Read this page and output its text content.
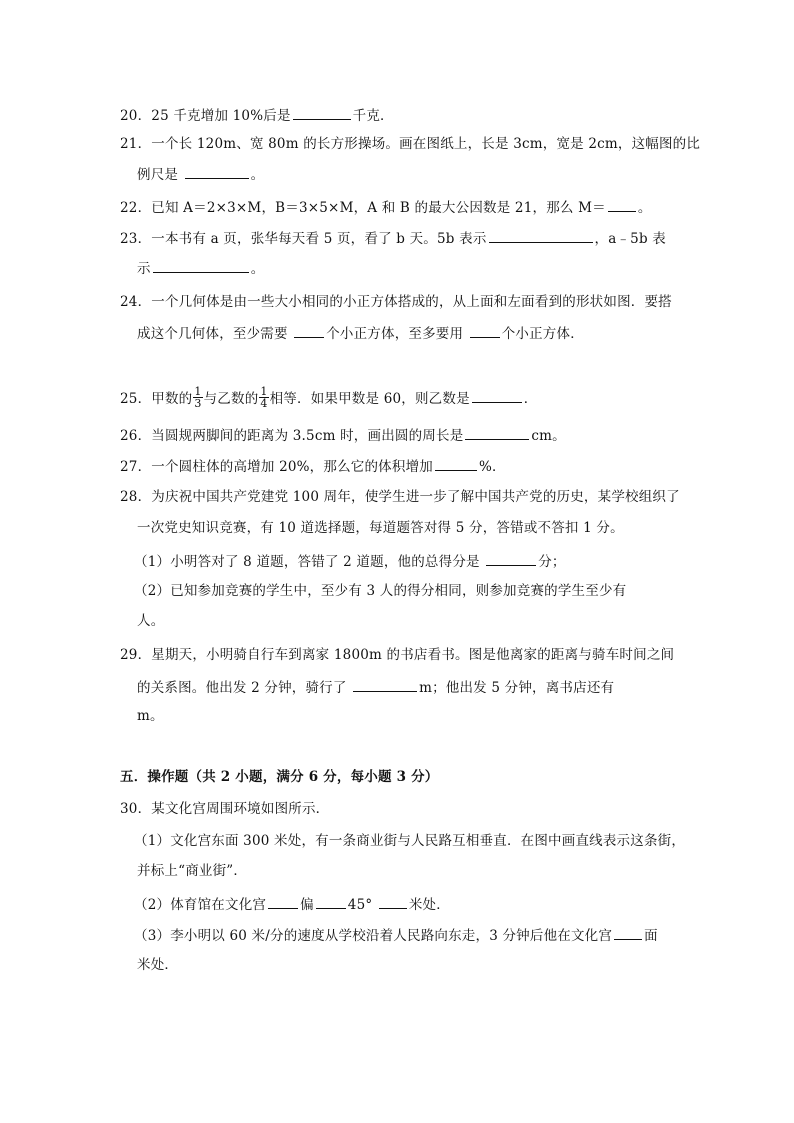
20．25 千克增加 10%后是	千克．
21．一个长 120m、宽 80m 的长方形操场。画在图纸上，长是 3cm，宽是 2cm，这幅图的比
例尺是	。
22．已知 A＝2×3×M，B＝3×5×M，A 和 B 的最大公因数是 21，那么 M＝ 。
23．一本书有 a 页，张华每天看 5 页，看了 b 天。5b 表示	，a﹣5b 表
示	。
24．一个几何体是由一些大小相同的小正方体搭成的，从上面和左面看到的形状如图．要搭
成这个几何体，至少需要	个小正方体，至多要用	个小正方体．
25．甲数的 $\frac{1}{3}$ 与乙数的 $\frac{1}{4}$ 相等．如果甲数是 60，则乙数是	．
26．当圆规两脚间的距离为 3.5cm 时，画出圆的周长是	cm。
27．一个圆柱体的高增加 20%，那么它的体积增加	%．
28．为庆祝中国共产党建党 100 周年，使学生进一步了解中国共产党的历史，某学校组织了
一次党史知识竞赛，有 10 道选择题，每道题答对得 5 分，答错或不答扣 1 分。
（1）小明答对了 8 道题，答错了 2 道题，他的总得分是	分；
（2）已知参加竞赛的学生中，至少有 3 人的得分相同，则参加竞赛的学生至少有
人。
29．星期天，小明骑自行车到离家 1800m 的书店看书。图是他离家的距离与骑车时间之间
的关系图。他出发 2 分钟，骑行了	m；他出发 5 分钟，离书店还有
m。
五．操作题（共 2 小题，满分 6 分，每小题 3 分）
30．某文化宫周围环境如图所示．
（1）文化宫东面 300 米处，有一条商业街与人民路互相垂直．在图中画直线表示这条街，
并标上“商业街”．
（2）体育馆在文化宫	偏	45°	米处．
（3）李小明以 60 米/分的速度从学校沿着人民路向东走，3 分钟后他在文化宫 面
米处．
